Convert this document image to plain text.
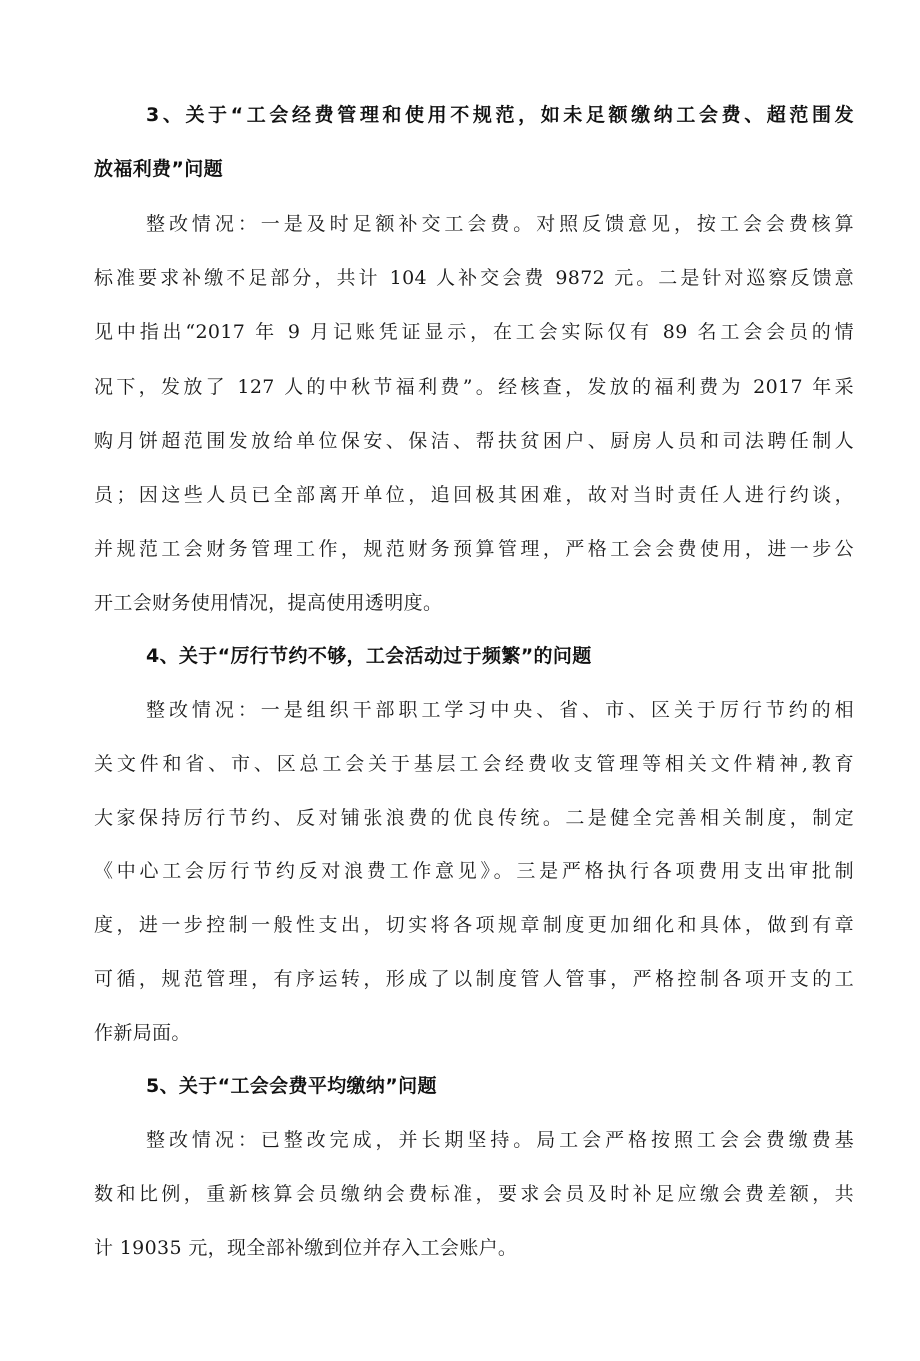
3、关于“工会经费管理和使用不规范，如未足额缴纳工会费、超范围发
放福利费”问题
整改情况：一是及时足额补交工会费。对照反馈意见，按工会会费核算
标准要求补缴不足部分，共计 104 人补交会费 9872 元。二是针对巡察反馈意
见中指出“2017 年 9 月记账凭证显示，在工会实际仅有 89 名工会会员的情
况下，发放了 127 人的中秋节福利费”。经核查，发放的福利费为 2017 年采
购月饼超范围发放给单位保安、保洁、帮扶贫困户、厨房人员和司法聘任制人
员；因这些人员已全部离开单位，追回极其困难，故对当时责任人进行约谈，
并规范工会财务管理工作，规范财务预算管理，严格工会会费使用，进一步公
开工会财务使用情况，提高使用透明度。
4、关于“厉行节约不够，工会活动过于频繁”的问题
整改情况：一是组织干部职工学习中央、省、市、区关于厉行节约的相
关文件和省、市、区总工会关于基层工会经费收支管理等相关文件精神,教育
大家保持厉行节约、反对铺张浪费的优良传统。二是健全完善相关制度，制定
《中心工会厉行节约反对浪费工作意见》。三是严格执行各项费用支出审批制
度，进一步控制一般性支出，切实将各项规章制度更加细化和具体，做到有章
可循，规范管理，有序运转，形成了以制度管人管事，严格控制各项开支的工
作新局面。
5、关于“工会会费平均缴纳”问题
整改情况：已整改完成，并长期坚持。局工会严格按照工会会费缴费基
数和比例，重新核算会员缴纳会费标准，要求会员及时补足应缴会费差额，共
计 19035 元，现全部补缴到位并存入工会账户。
